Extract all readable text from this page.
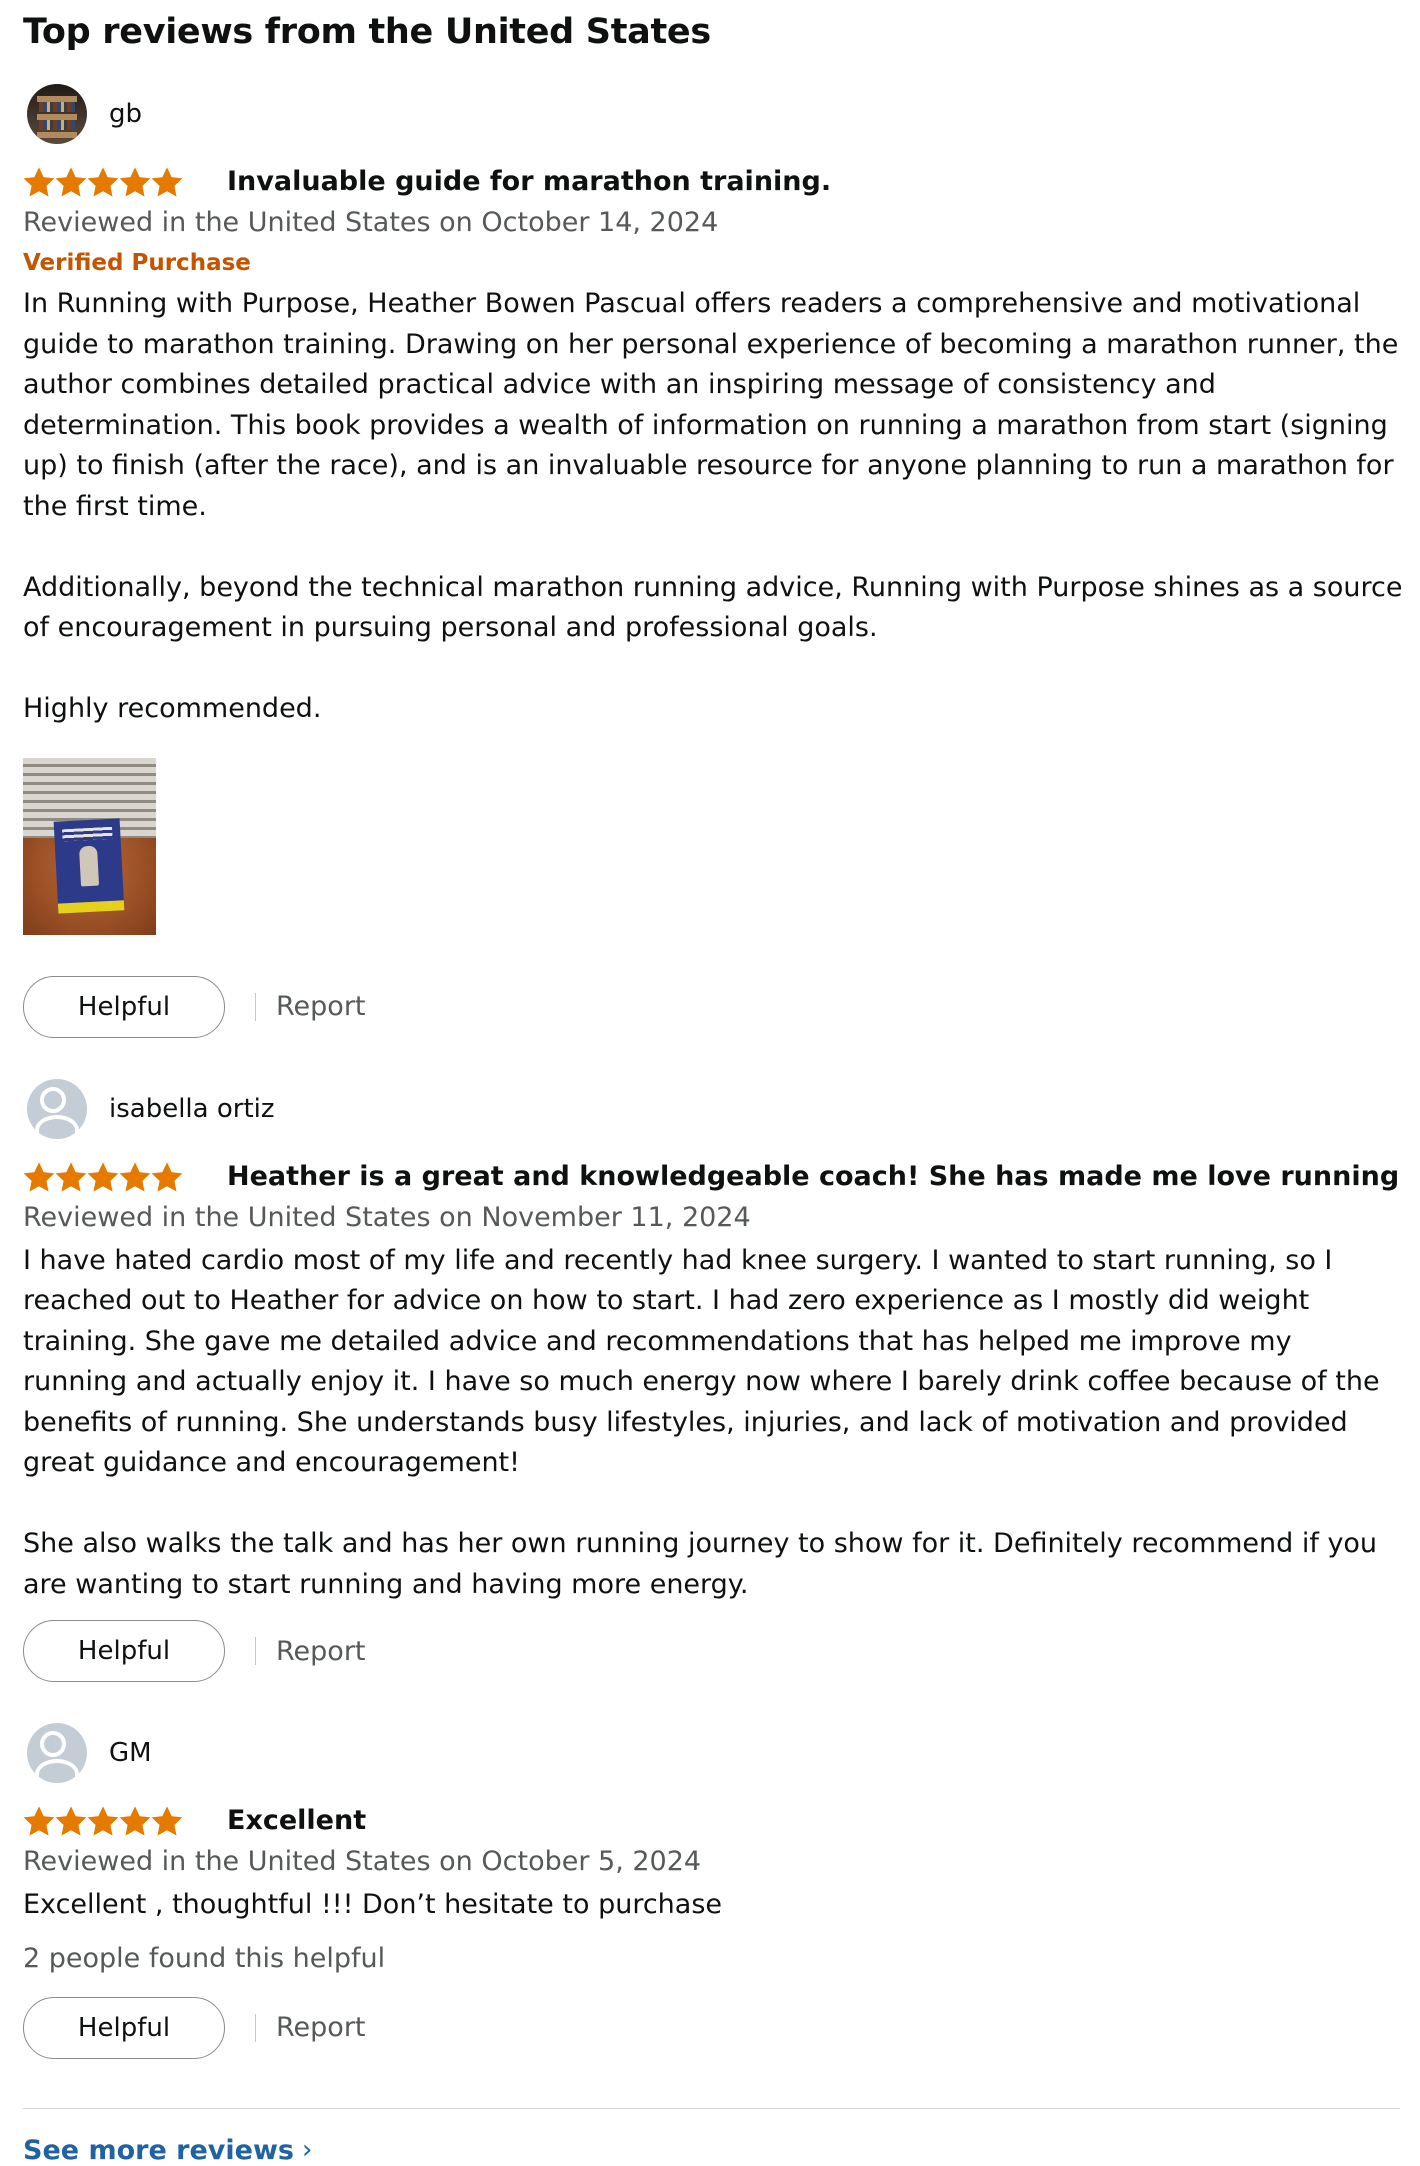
Top reviews from the United States
gb
Invaluable guide for marathon training.
Reviewed in the United States on October 14, 2024
Verified Purchase

In Running with Purpose, Heather Bowen Pascual offers readers a comprehensive and motivational guide to marathon training. Drawing on her personal experience of becoming a marathon runner, the author combines detailed practical advice with an inspiring message of consistency and determination. This book provides a wealth of information on running a marathon from start (signing up) to finish (after the race), and is an invaluable resource for anyone planning to run a marathon for the first time.

Additionally, beyond the technical marathon running advice, Running with Purpose shines as a source of encouragement in pursuing personal and professional goals.

Highly recommended.

Helpful	Report
isabella ortiz
Heather is a great and knowledgeable coach! She has made me love running
Reviewed in the United States on November 11, 2024

I have hated cardio most of my life and recently had knee surgery. I wanted to start running, so I reached out to Heather for advice on how to start. I had zero experience as I mostly did weight training. She gave me detailed advice and recommendations that has helped me improve my running and actually enjoy it. I have so much energy now where I barely drink coffee because of the benefits of running. She understands busy lifestyles, injuries, and lack of motivation and provided great guidance and encouragement!

She also walks the talk and has her own running journey to show for it. Definitely recommend if you are wanting to start running and having more energy.

Helpful	Report
GM
Excellent
Reviewed in the United States on October 5, 2024

Excellent , thoughtful !!! Don’t hesitate to purchase

2 people found this helpful
Helpful	Report
See more reviews ›
